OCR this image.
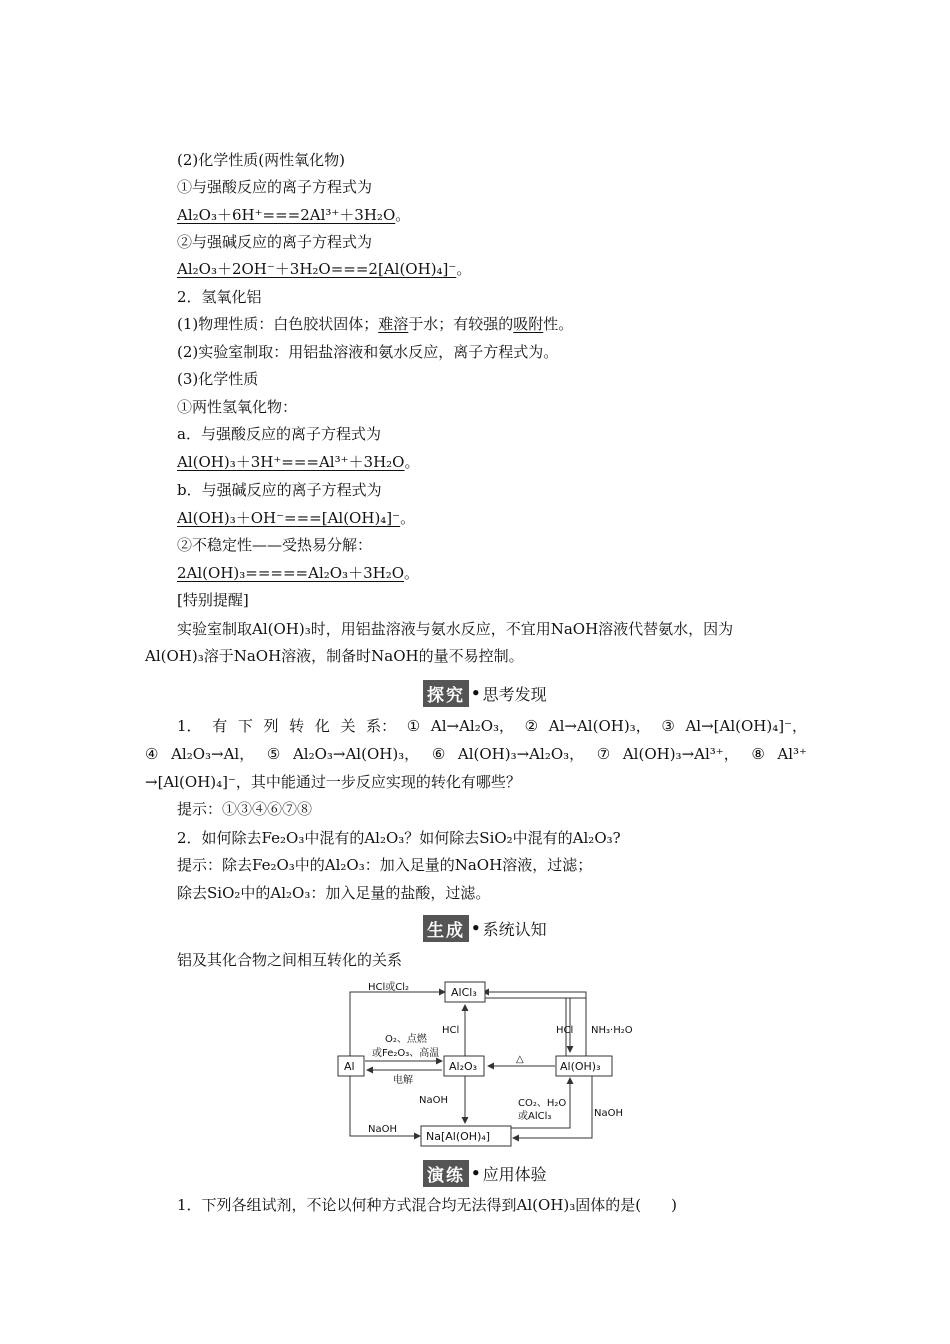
(2)化学性质(两性氧化物)
①与强酸反应的离子方程式为
Al₂O₃＋6H⁺===2Al³⁺＋3H₂O。
②与强碱反应的离子方程式为
Al₂O₃＋2OH⁻＋3H₂O===2[Al(OH)₄]⁻。
2．氢氧化铝
(1)物理性质：白色胶状固体；难溶于水；有较强的吸附性。
(2)实验室制取：用铝盐溶液和氨水反应，离子方程式为。
(3)化学性质
①两性氢氧化物：
a．与强酸反应的离子方程式为
Al(OH)₃＋3H⁺===Al³⁺＋3H₂O。
b．与强碱反应的离子方程式为
Al(OH)₃＋OH⁻===[Al(OH)₄]⁻。
②不稳定性——受热易分解：
2Al(OH)₃=====Al₂O₃＋3H₂O。
[特别提醒]
实验室制取Al(OH)₃时，用铝盐溶液与氨水反应，不宜用NaOH溶液代替氨水，因为
Al(OH)₃溶于NaOH溶液，制备时NaOH的量不易控制。
探究 • 思考发现
1． 有 下 列 转 化 关 系： ① Al→Al₂O₃， ② Al→Al(OH)₃， ③ Al→[Al(OH)₄]⁻，
④ Al₂O₃→Al， ⑤ Al₂O₃→Al(OH)₃， ⑥ Al(OH)₃→Al₂O₃， ⑦ Al(OH)₃→Al³⁺， ⑧ Al³⁺
→[Al(OH)₄]⁻，其中能通过一步反应实现的转化有哪些？
提示：①③④⑥⑦⑧
2．如何除去Fe₂O₃中混有的Al₂O₃？如何除去SiO₂中混有的Al₂O₃?
提示：除去Fe₂O₃中的Al₂O₃：加入足量的NaOH溶液，过滤；
除去SiO₂中的Al₂O₃：加入足量的盐酸，过滤。
生成 • 系统认知
铝及其化合物之间相互转化的关系
AlCl₃
Al	Al₂O₃	Al(OH)₃
Na[Al(OH)₄]
HCl或Cl₂
HCl	HCl NH₃·H₂O
O₂、点燃
或Fe₂O₃、高温
电解
△
NaOH
NaOH
NaOH
CO₂、H₂O
或AlCl₃
演练 • 应用体验
1．下列各组试剂，不论以何种方式混合均无法得到Al(OH)₃固体的是(　　)
